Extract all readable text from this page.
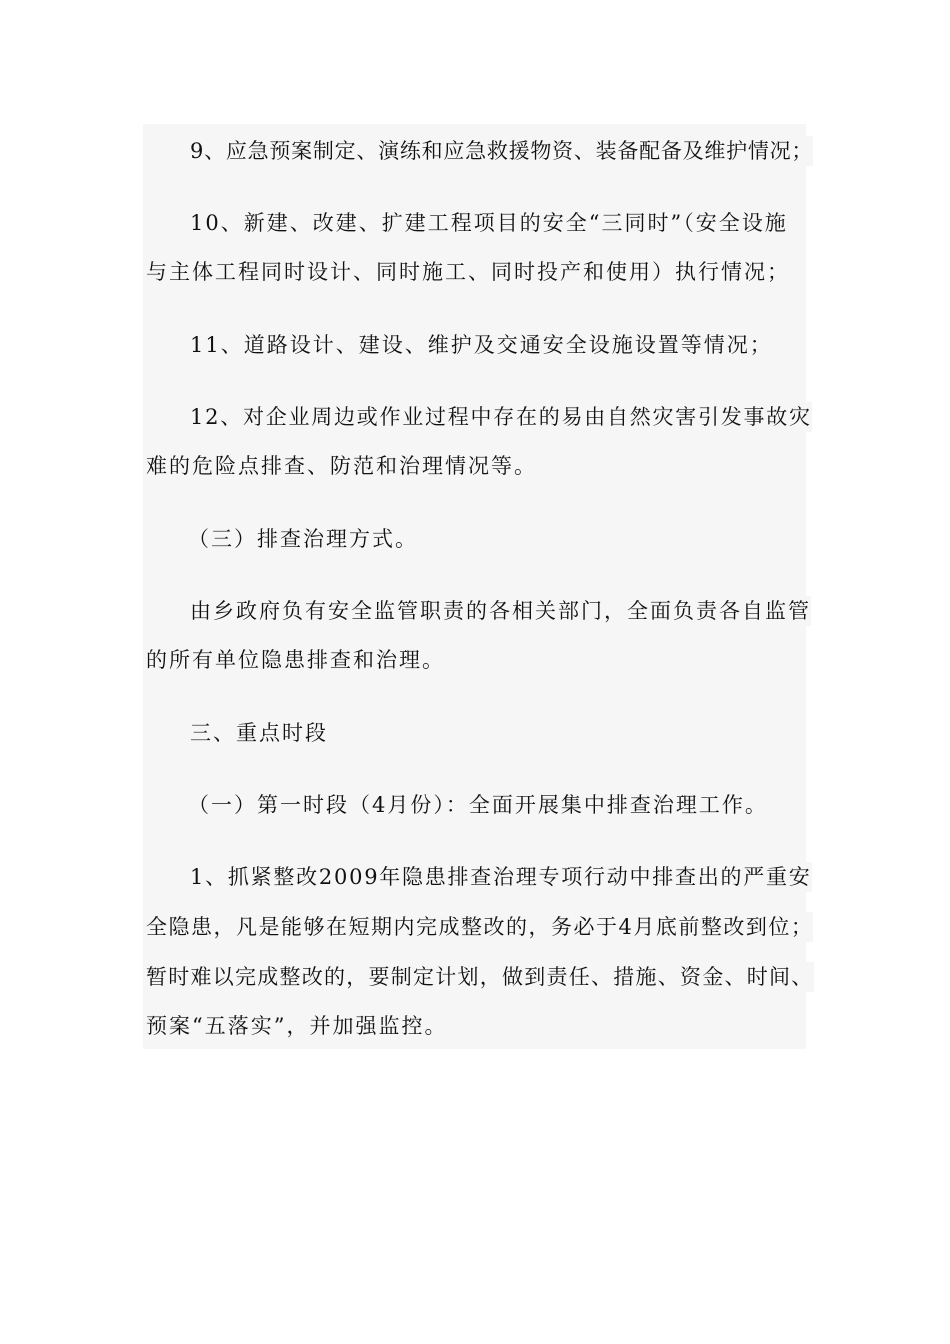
9、应急预案制定、演练和应急救援物资、装备配备及维护情况；
10、新建、改建、扩建工程项目的安全“三同时”（安全设施
与主体工程同时设计、同时施工、同时投产和使用）执行情况；
11、道路设计、建设、维护及交通安全设施设置等情况；
12、对企业周边或作业过程中存在的易由自然灾害引发事故灾
难的危险点排查、防范和治理情况等。
（三）排查治理方式。
由乡政府负有安全监管职责的各相关部门，全面负责各自监管
的所有单位隐患排查和治理。
三、重点时段
（一）第一时段（4月份）：全面开展集中排查治理工作。
1、抓紧整改2009年隐患排查治理专项行动中排查出的严重安
全隐患，凡是能够在短期内完成整改的，务必于4月底前整改到位；
暂时难以完成整改的，要制定计划，做到责任、措施、资金、时间、
预案“五落实”，并加强监控。
